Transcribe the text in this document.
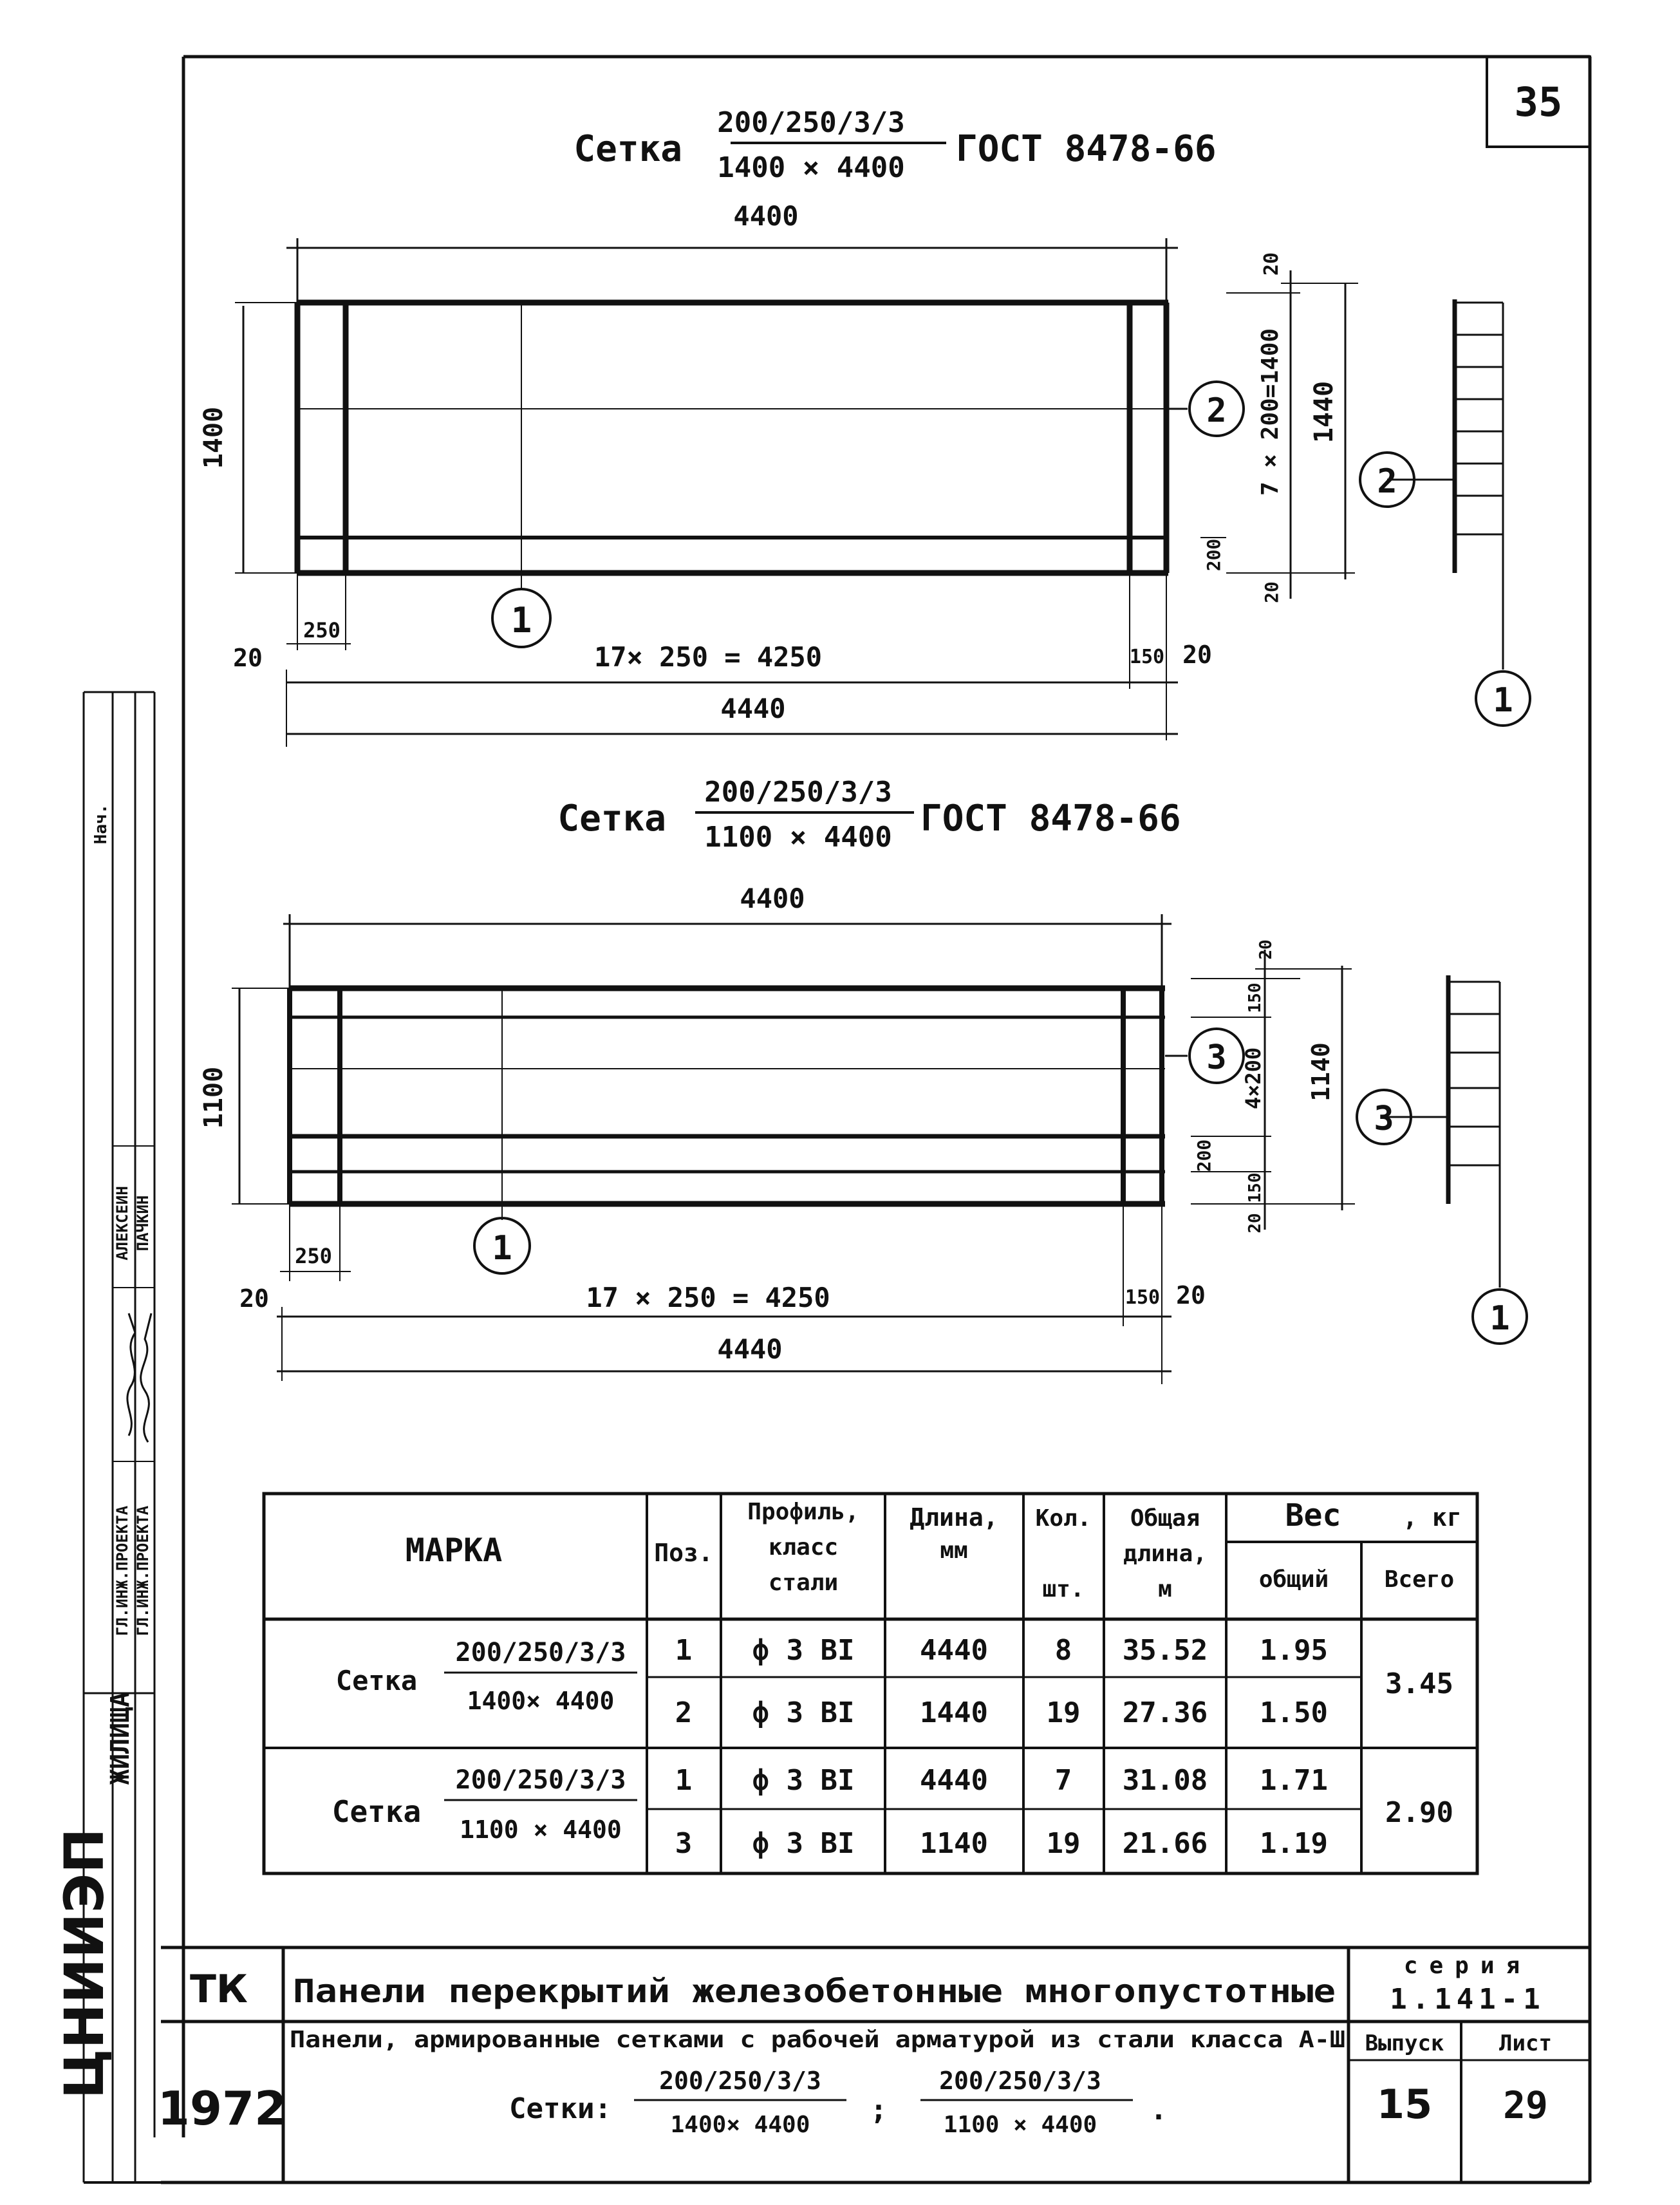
35
Сетка
200/250/3/3
1400 × 4400 ГОСТ 8478-66
4400
1400	2
1
250
20	17× 250 = 4250	150 20
4440
20
7 × 200=1400 1440
200
20
2
1
Сетка
200/250/3/3
1100 × 4400 ГОСТ 8478-66
4400
1100
3
1
250
20	17 × 250 = 4250	150 20
4440
20
150
4×200 1140
200
150
20
3
1
МАРКА	Поз.
Профиль,
класс
стали
Длина,
мм
Кол.
шт.
Общая
длина,
м
Вес	, кг
общий Всего
Сетка
200/250/3/3
1400× 4400
3.45
1 ф 3 ВI 4440 8 35.52 1.95
2 ф 3 ВI 1440 19 27.36 1.50
Сетка
200/250/3/3
1100 × 4400
2.90
1 ф 3 ВI 4440 7 31.08 1.71
3 ф 3 ВI 1140 19 21.66 1.19
ТК
1972
Панели перекрытий железобетонные многопустотные
Панели, армированные сетками с рабочей арматурой из стали класса А-Ш
Сетки:
200/250/3/3
1400× 4400 ;
200/250/3/3
1100 × 4400 .
серия
1.141-1
Выпуск
15
Лист
29
ЦНИИЭП
Нач.
ГЛ.ИНЖ.ПРОЕКТА ГЛ.ИНЖ.ПРОЕКТА
ЖИЛИЩА
АЛЕКСЕИН ПАЧКИН
